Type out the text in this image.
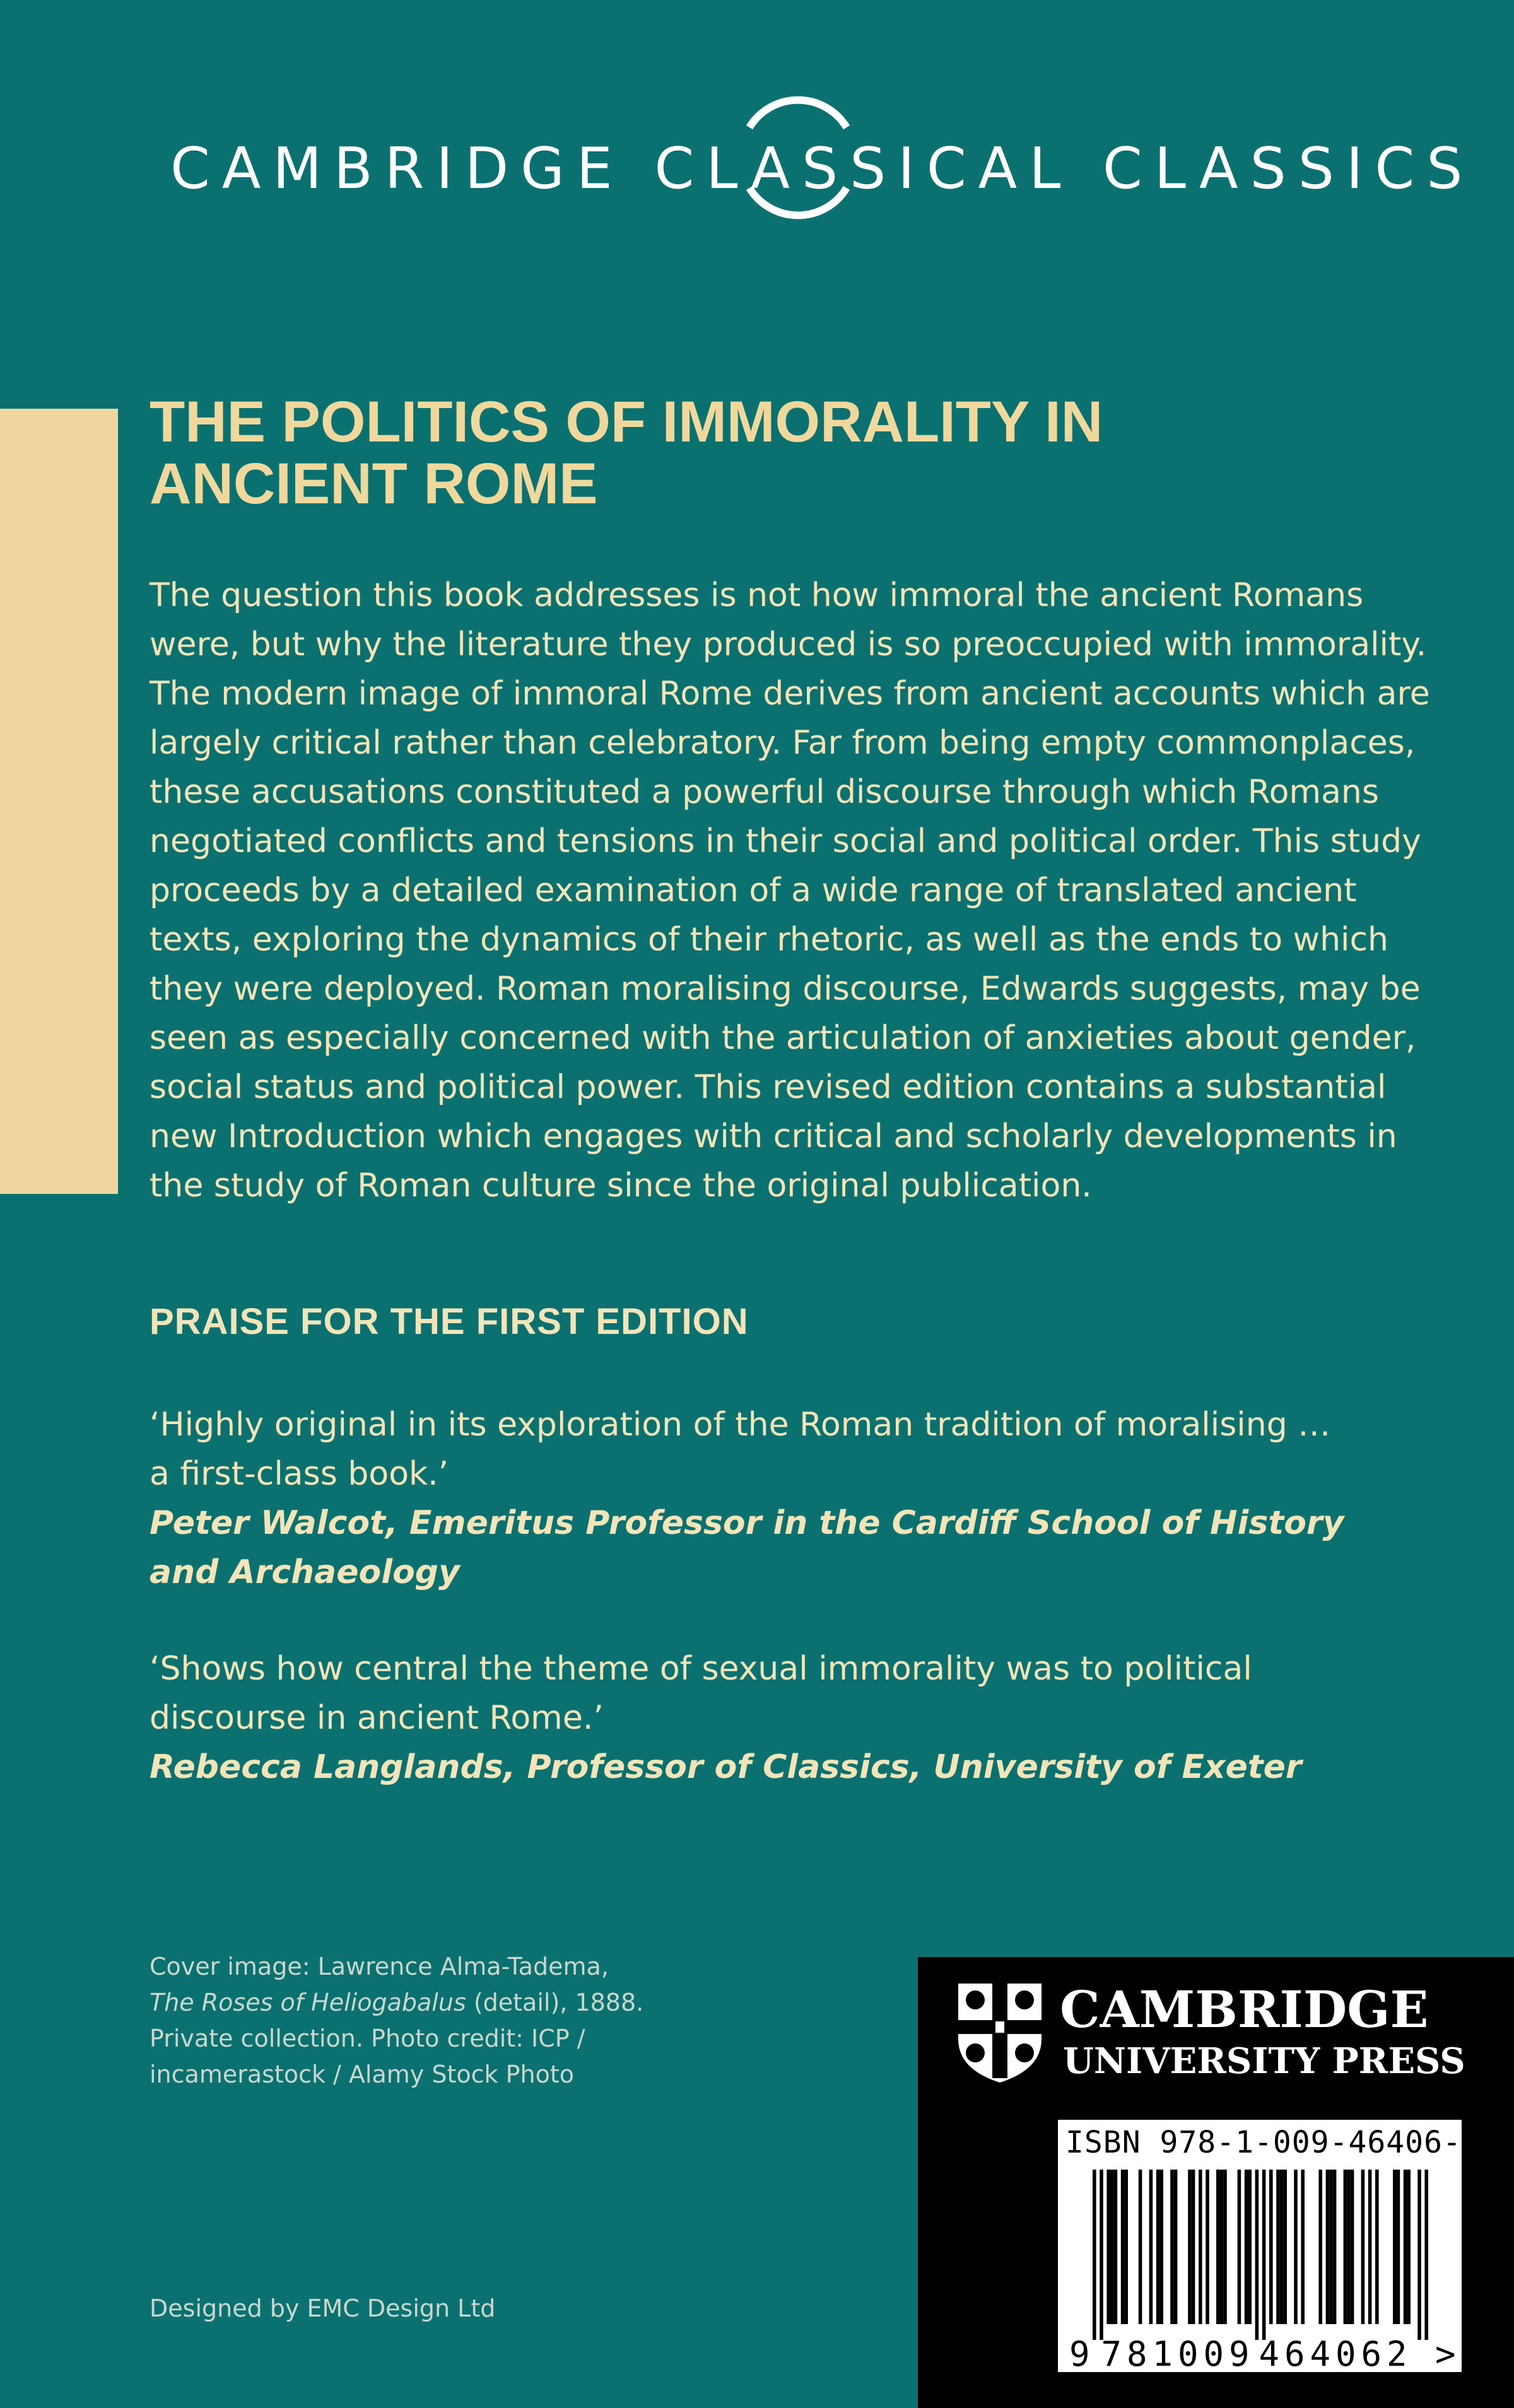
CAMBRIDGE CLASSICAL CLASSICS
THE POLITICS OF IMMORALITY IN ANCIENT ROME

The question this book addresses is not how immoral the ancient Romans were, but why the literature they produced is so preoccupied with immorality. The modern image of immoral Rome derives from ancient accounts which are largely critical rather than celebratory. Far from being empty commonplaces, these accusations constituted a powerful discourse through which Romans negotiated conflicts and tensions in their social and political order. This study proceeds by a detailed examination of a wide range of translated ancient texts, exploring the dynamics of their rhetoric, as well as the ends to which they were deployed. Roman moralising discourse, Edwards suggests, may be seen as especially concerned with the articulation of anxieties about gender, social status and political power. This revised edition contains a substantial new Introduction which engages with critical and scholarly developments in the study of Roman culture since the original publication.

PRAISE FOR THE FIRST EDITION

‘Highly original in its exploration of the Roman tradition of moralising … a first-class book.’
Peter Walcot, Emeritus Professor in the Cardiff School of History and Archaeology

‘Shows how central the theme of sexual immorality was to political discourse in ancient Rome.’
Rebecca Langlands, Professor of Classics, University of Exeter

Cover image: Lawrence Alma-Tadema,
The Roses of Heliogabalus (detail), 1888. Private collection. Photo credit: ICP / incamerastock / Alamy Stock Photo

Designed by EMC Design Ltd

CAMBRIDGE
UNIVERSITY PRESS
ISBN 978-1-009-46406-2
9 781009 464062 >
